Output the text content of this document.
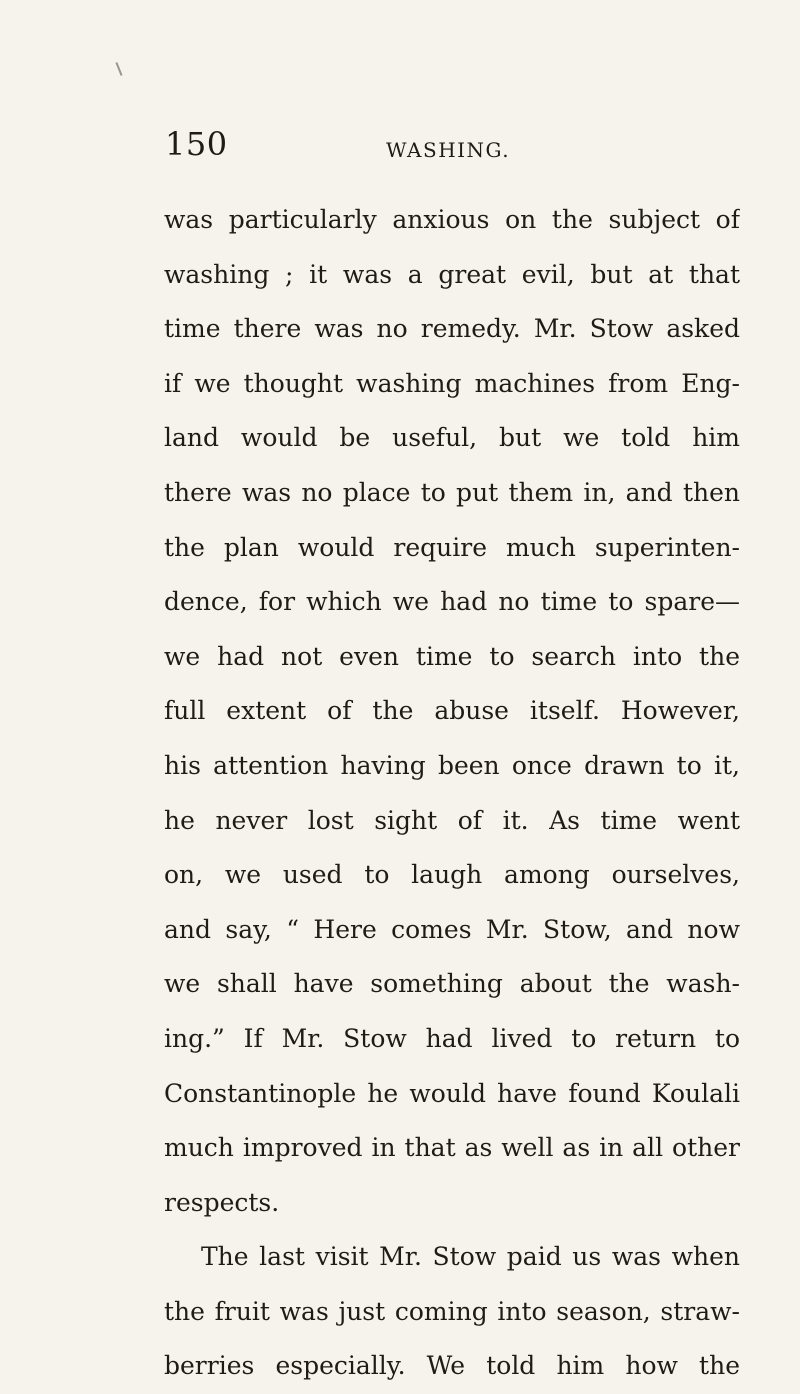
150	WASHING.
was particularly anxious on the subject of
washing ; it was a great evil, but at that
time there was no remedy. Mr. Stow asked
if we thought washing machines from Eng-
land would be useful, but we told him
there was no place to put them in, and then
the plan would require much superinten-
dence, for which we had no time to spare—
we had not even time to search into the
full extent of the abuse itself. However,
his attention having been once drawn to it,
he never lost sight of it. As time went
on, we used to laugh among ourselves,
and say, “ Here comes Mr. Stow, and now
we shall have something about the wash-
ing.” If Mr. Stow had lived to return to
Constantinople he would have found Koulali
much improved in that as well as in all other
respects.
The last visit Mr. Stow paid us was when
the fruit was just coming into season, straw-
berries especially. We told him how the
